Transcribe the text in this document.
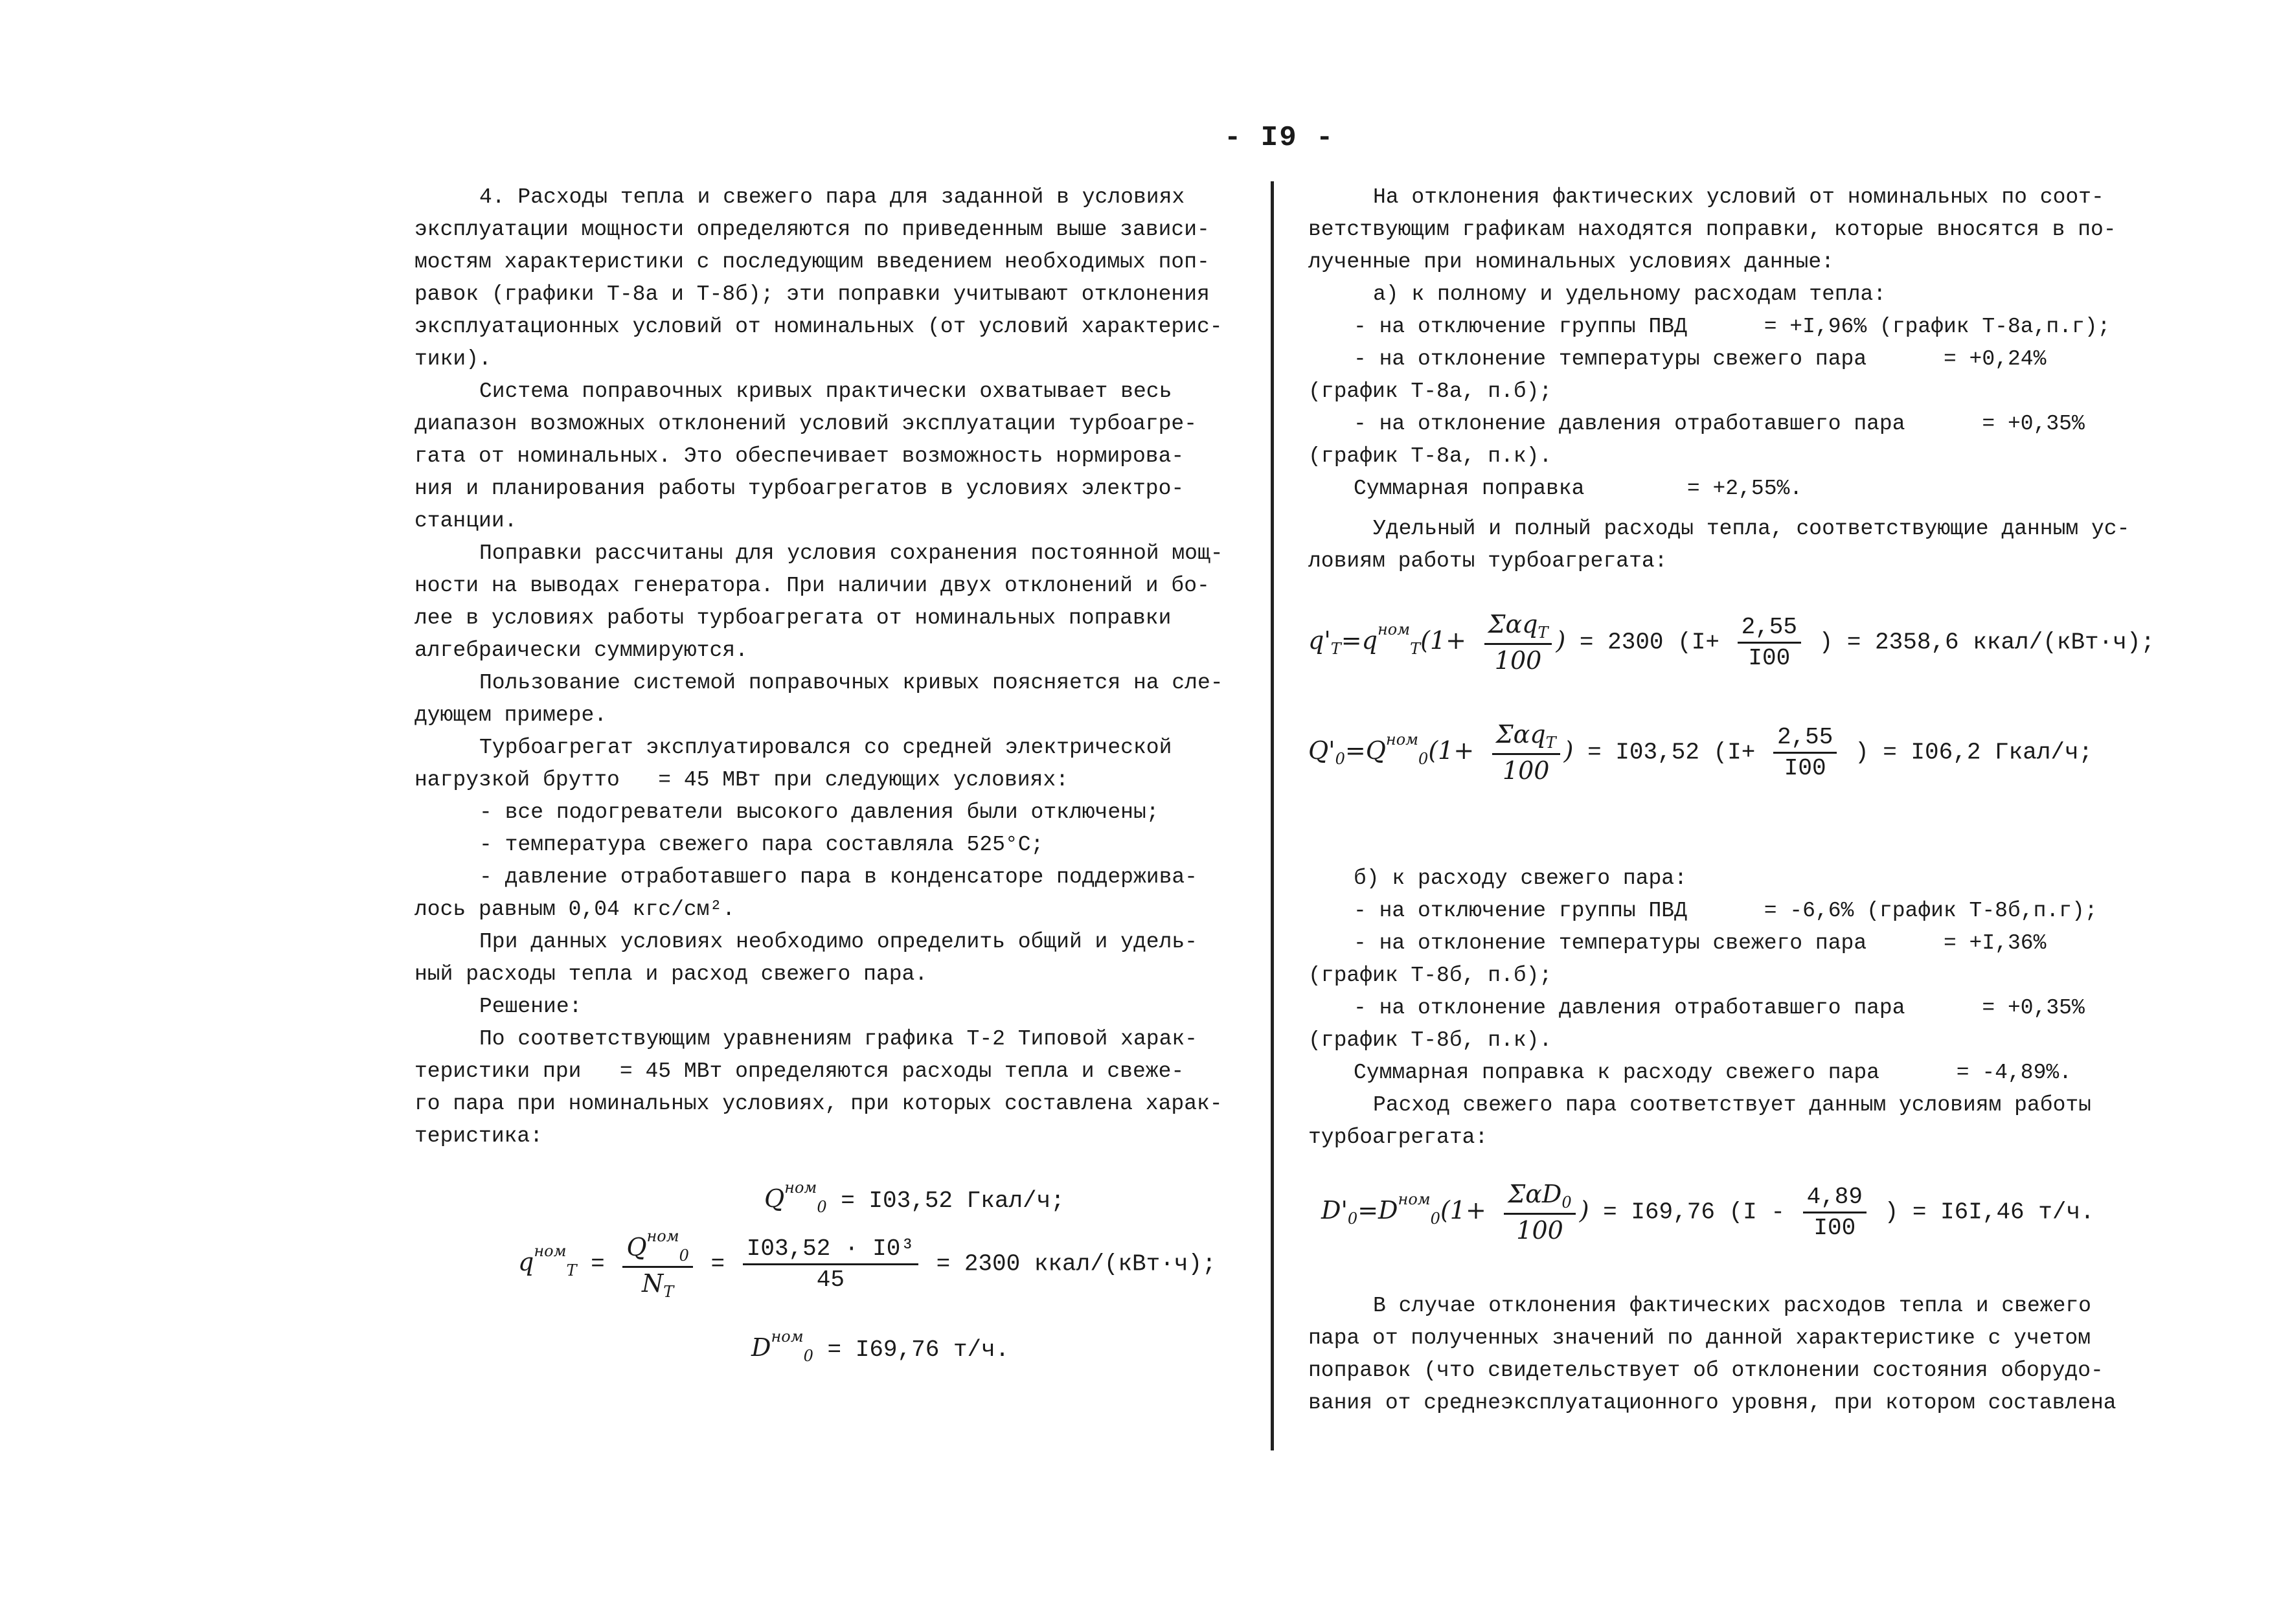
- I9 -
4. Расходы тепла и свежего пара для заданной в условиях
эксплуатации мощности определяются по приведенным выше зависи-
мостям характеристики с последующим введением необходимых поп-
равок (графики Т-8а и Т-8б); эти поправки учитывают отклонения
эксплуатационных условий от номинальных (от условий характерис-
тики).
Система поправочных кривых практически охватывает весь
диапазон возможных отклонений условий эксплуатации турбоагре-
гата от номинальных. Это обеспечивает возможность нормирова-
ния и планирования работы турбоагрегатов в условиях электро-
станции.
Поправки рассчитаны для условия сохранения постоянной мощ-
ности на выводах генератора. При наличии двух отклонений и бо-
лее в условиях работы турбоагрегата от номинальных поправки
алгебраически суммируются.
Пользование системой поправочных кривых поясняется на сле-
дующем примере.
Турбоагрегат эксплуатировался со средней электрической
нагрузкой брутто   = 45 МВт при следующих условиях:
- все подогреватели высокого давления были отключены;
- температура свежего пара составляла 525°С;
- давление отработавшего пара в конденсаторе поддержива-
лось равным 0,04 кгс/см².
При данных условиях необходимо определить общий и удель-
ный расходы тепла и расход свежего пара.
Решение:
По соответствующим уравнениям графика Т-2 Типовой харак-
теристики при   = 45 МВт определяются расходы тепла и свеже-
го пара при номинальных условиях, при которых составлена харак-
теристика:
$Q^{ном}_0 = I03,52$ Гкал/ч;
$q^{ном}_Т = \frac{Q^{ном}_0}{N_Т} = \frac{\text{I03,52 · I0³}}{45} = 2300$ ккал/(кВт·ч);
$D^{ном}_0 = I69,76$ т/ч.
На отклонения фактических условий от номинальных по соот-
ветствующим графикам находятся поправки, которые вносятся в по-
лученные при номинальных условиях данные:
а) к полному и удельному расходам тепла:
- на отключение группы ПВД      = +I,96% (график Т-8а,п.г);
- на отклонение температуры свежего пара      = +0,24%
(график Т-8а, п.б);
- на отклонение давления отработавшего пара      = +0,35%
(график Т-8а, п.к).
Суммарная поправка        = +2,55%.
Удельный и полный расходы тепла, соответствующие данным ус-
ловиям работы турбоагрегата:
$q'_Т=q^{ном}_Т(1+ \frac{\Sigma\alpha q_Т}{100}$ ) = 2300 ($I+ \frac{2,55}{I00}$ ) = 2358,6 ккал/(кВт·ч);
$Q'_0=Q^{ном}_0(1+ \frac{\Sigma\alpha q_Т}{100}$ ) = I03,52 ($I+ \frac{2,55}{I00}$ ) = I06,2 Гкал/ч;
б) к расходу свежего пара:
- на отключение группы ПВД      = -6,6% (график Т-8б,п.г);
- на отклонение температуры свежего пара      = +I,36%
(график Т-8б, п.б);
- на отклонение давления отработавшего пара      = +0,35%
(график Т-8б, п.к).
Суммарная поправка к расходу свежего пара      = -4,89%.
Расход свежего пара соответствует данным условиям работы
турбоагрегата:
$D'_0=D^{ном}_0(1+ \frac{\Sigma\alpha D_0}{100}$ ) = I69,76 ($I - \frac{4,89}{I00}$ ) = I6I,46 т/ч.
В случае отклонения фактических расходов тепла и свежего
пара от полученных значений по данной характеристике с учетом
поправок (что свидетельствует об отклонении состояния оборудо-
вания от среднеэксплуатационного уровня, при котором составлена
